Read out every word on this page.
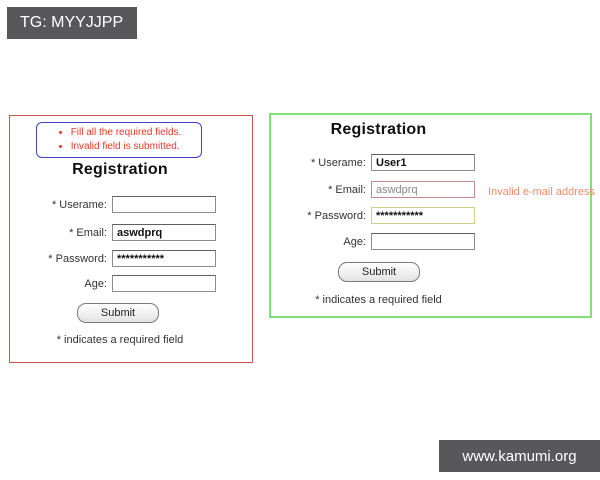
TG: MYYJJPP
• Fill all the required fields.
• Invalid field is submitted.
Registration
* Userame:
* Email:
aswdprq
* Password:
***********
Age:
Submit
* indicates a required field
Registration
* Userame:
User1
* Email:
aswdprq	Invalid e-mail address
* Password:
***********
Age:
Submit
* indicates a required field
www.kamumi.org
